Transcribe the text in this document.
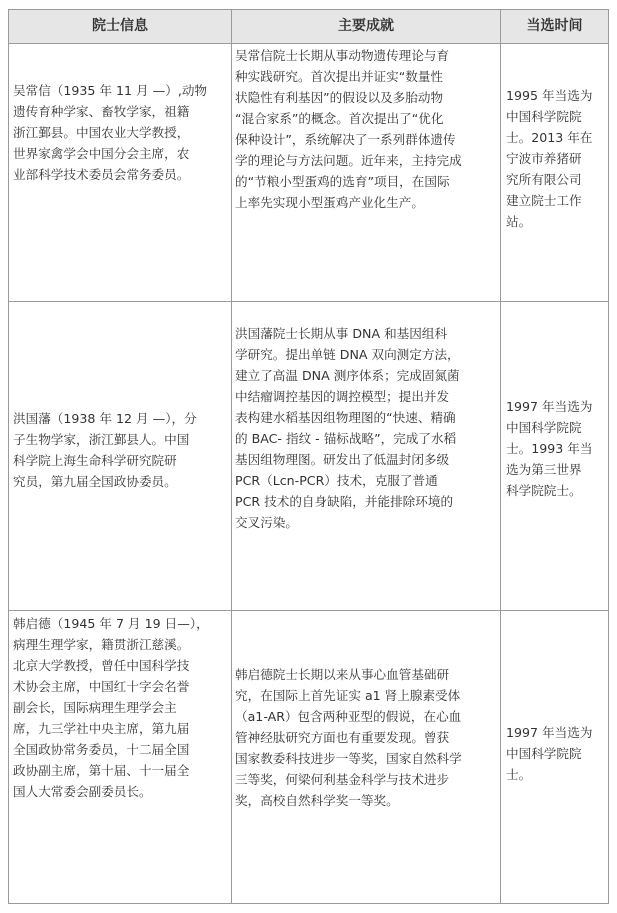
院士信息	主要成就	当选时间
吴常信（1935 年 11 月 —）,动物
遗传育种学家、畜牧学家，祖籍
浙江鄞县。中国农业大学教授，
世界家禽学会中国分会主席，农
业部科学技术委员会常务委员。
吴常信院士长期从事动物遗传理论与育
种实践研究。首次提出并证实“数量性
状隐性有利基因”的假设以及多胎动物
“混合家系”的概念。首次提出了“优化
保种设计”，系统解决了一系列群体遗传
学的理论与方法问题。近年来，主持完成
的“节粮小型蛋鸡的选育”项目，在国际
上率先实现小型蛋鸡产业化生产。
1995 年当选为
中国科学院院
士。2013 年在
宁波市养猪研
究所有限公司
建立院士工作
站。
洪国藩（1938 年 12 月 —），分
子生物学家，浙江鄞县人。中国
科学院上海生命科学研究院研
究员，第九届全国政协委员。
洪国藩院士长期从事 DNA 和基因组科
学研究。提出单链 DNA 双向测定方法，
建立了高温 DNA 测序体系；完成固氮菌
中结瘤调控基因的调控模型；提出并发
表构建水稻基因组物理图的“快速、精确
的 BAC- 指纹 - 锚标战略”，完成了水稻
基因组物理图。研发出了低温封闭多级
PCR（Lcn-PCR）技术，克服了普通
PCR 技术的自身缺陷，并能排除环境的
交叉污染。
1997 年当选为
中国科学院院
士。1993 年当
选为第三世界
科学院院士。
韩启德（1945 年 7 月 19 日—），
病理生理学家，籍贯浙江慈溪。
北京大学教授，曾任中国科学技
术协会主席，中国红十字会名誉
副会长，国际病理生理学会主
席，九三学社中央主席，第九届
全国政协常务委员，十二届全国
政协副主席，第十届、十一届全
国人大常委会副委员长。
韩启德院士长期以来从事心血管基础研
究，在国际上首先证实 a1 肾上腺素受体
（a1-AR）包含两种亚型的假说，在心血
管神经肽研究方面也有重要发现。曾获
国家教委科技进步一等奖，国家自然科学
三等奖，何梁何利基金科学与技术进步
奖，高校自然科学奖一等奖。
1997 年当选为
中国科学院院
士。
